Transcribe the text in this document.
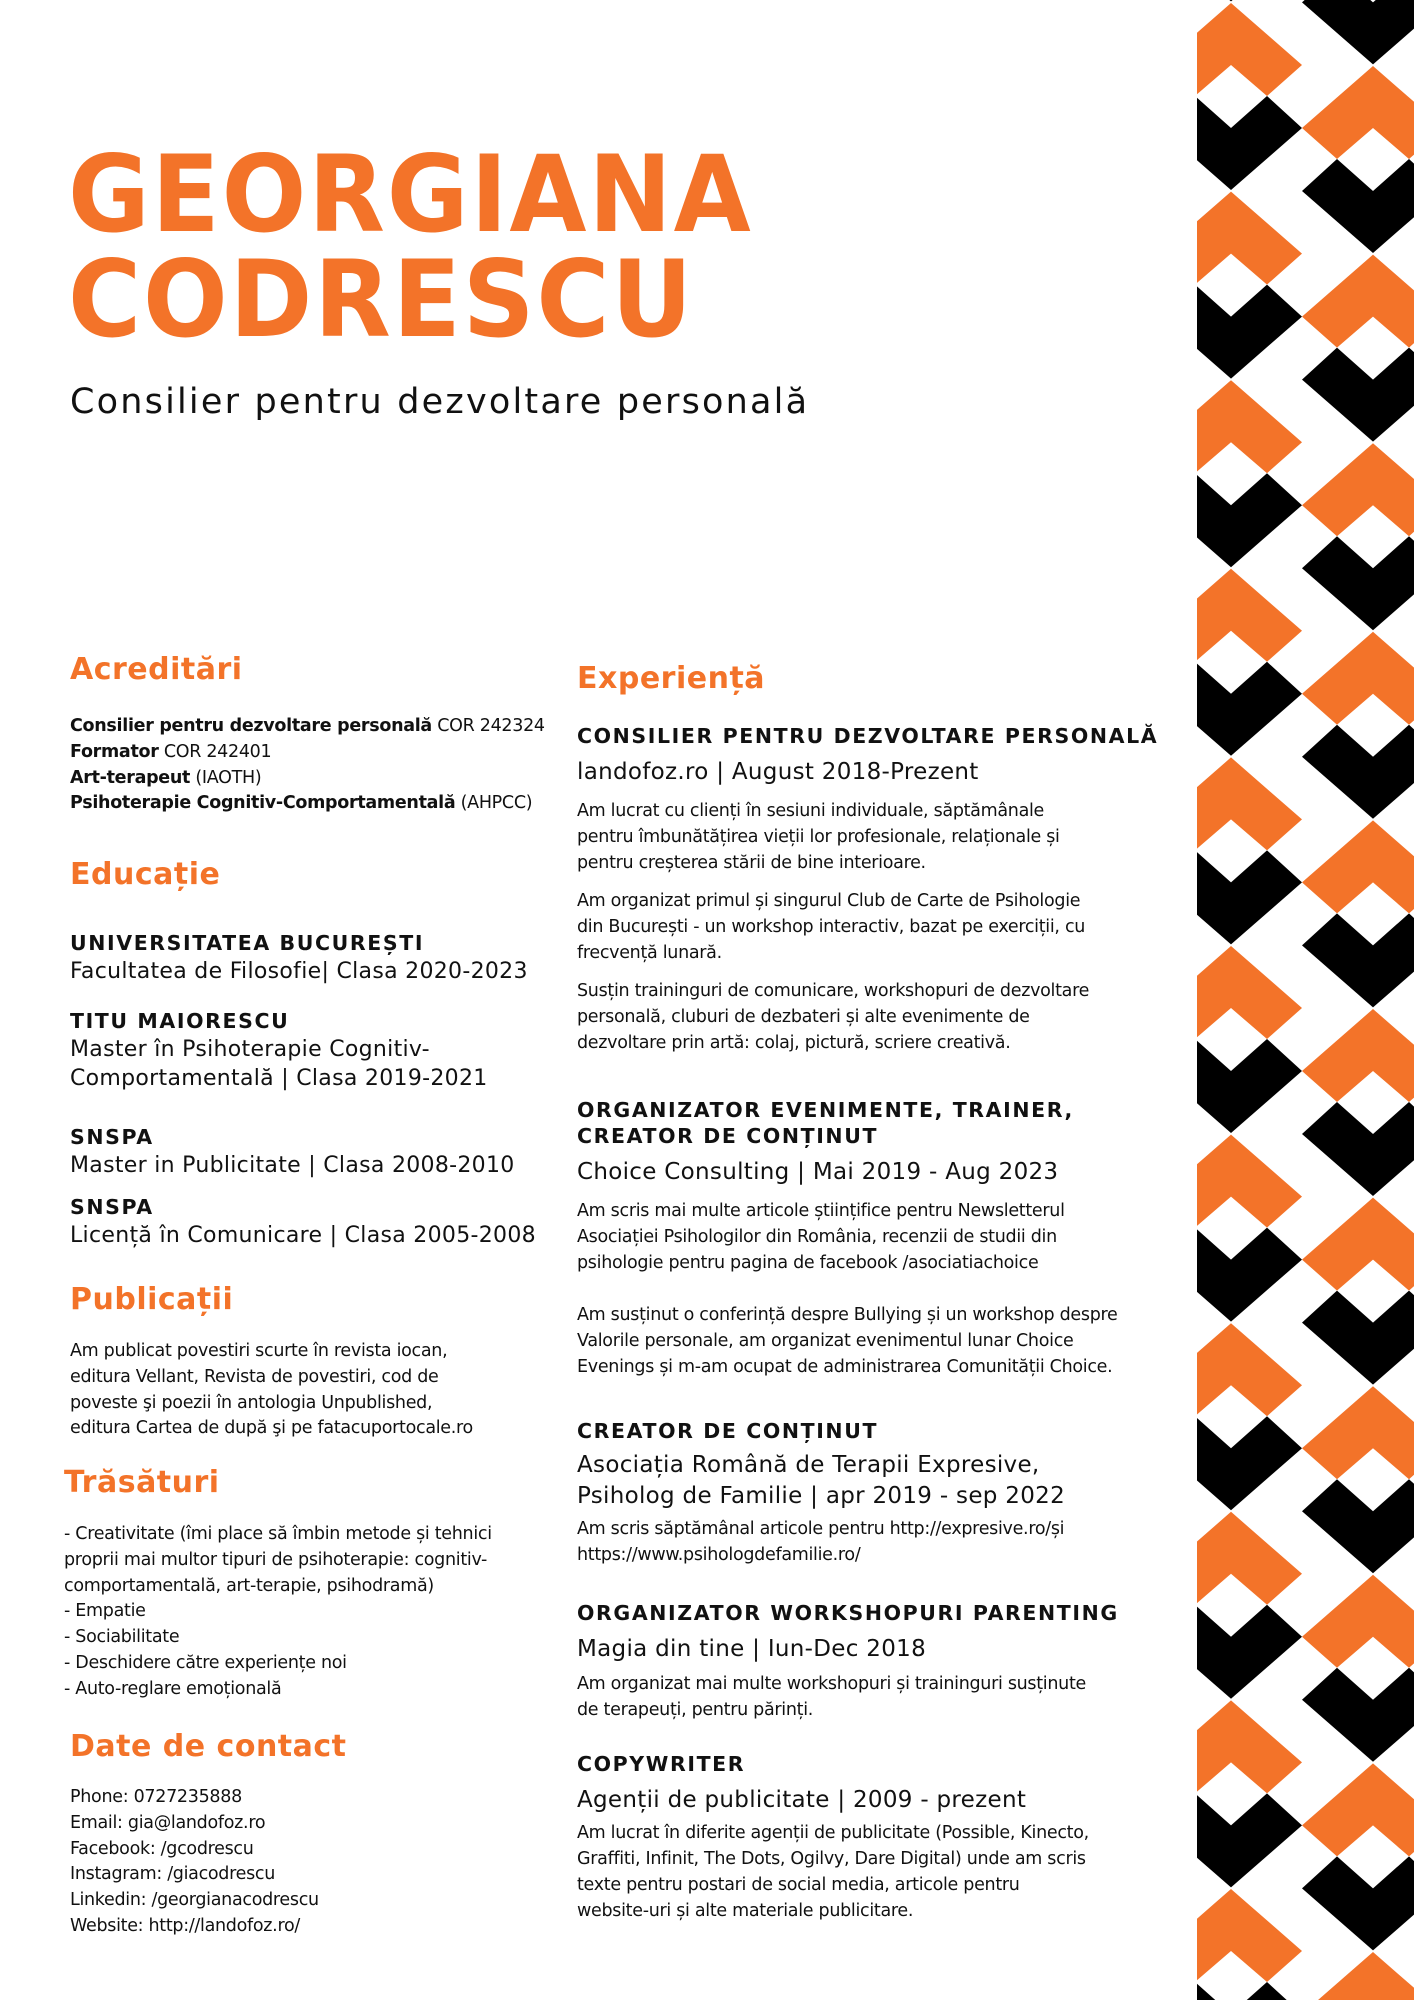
GEORGIANA
CODRESCU
Consilier pentru dezvoltare personală
Acreditări
Consilier pentru dezvoltare personală COR 242324
Formator COR 242401
Art-terapeut (IAOTH)
Psihoterapie Cognitiv-Comportamentală (AHPCC)
Educație
UNIVERSITATEA BUCUREȘTI
Facultatea de Filosofie| Clasa 2020-2023
TITU MAIORESCU
Master în Psihoterapie Cognitiv-
Comportamentală | Clasa 2019-2021
SNSPA
Master in Publicitate | Clasa 2008-2010
SNSPA
Licență în Comunicare | Clasa 2005-2008
Publicații
Am publicat povestiri scurte în revista iocan,
editura Vellant, Revista de povestiri, cod de
poveste şi poezii în antologia Unpublished,
editura Cartea de după şi pe fatacuportocale.ro
Trăsături
- Creativitate (îmi place să îmbin metode și tehnici
proprii mai multor tipuri de psihoterapie: cognitiv-
comportamentală, art-terapie, psihodramă)
- Empatie
- Sociabilitate
- Deschidere către experiențe noi
- Auto-reglare emoțională
Date de contact
Phone: 0727235888
Email: gia@landofoz.ro
Facebook: /gcodrescu
Instagram: /giacodrescu
Linkedin: /georgianacodrescu
Website: http://landofoz.ro/
Experiență
CONSILIER PENTRU DEZVOLTARE PERSONALĂ
landofoz.ro | August 2018-Prezent
Am lucrat cu clienți în sesiuni individuale, săptămânale
pentru îmbunătățirea vieții lor profesionale, relaționale și
pentru creșterea stării de bine interioare.
Am organizat primul și singurul Club de Carte de Psihologie
din București - un workshop interactiv, bazat pe exerciții, cu
frecvență lunară.
Susțin traininguri de comunicare, workshopuri de dezvoltare
personală, cluburi de dezbateri și alte evenimente de
dezvoltare prin artă: colaj, pictură, scriere creativă.
ORGANIZATOR EVENIMENTE, TRAINER,
CREATOR DE CONȚINUT
Choice Consulting | Mai 2019 - Aug 2023
Am scris mai multe articole științifice pentru Newsletterul
Asociației Psihologilor din România, recenzii de studii din
psihologie pentru pagina de facebook /asociatiachoice
Am susținut o conferință despre Bullying și un workshop despre
Valorile personale, am organizat evenimentul lunar Choice
Evenings și m-am ocupat de administrarea Comunității Choice.
CREATOR DE CONȚINUT
Asociația Română de Terapii Expresive,
Psiholog de Familie | apr 2019 - sep 2022
Am scris săptămânal articole pentru http://expresive.ro/și
https://www.psihologdefamilie.ro/
ORGANIZATOR WORKSHOPURI PARENTING
Magia din tine | Iun-Dec 2018
Am organizat mai multe workshopuri și traininguri susținute
de terapeuți, pentru părinți.
COPYWRITER
Agenții de publicitate | 2009 - prezent
Am lucrat în diferite agenții de publicitate (Possible, Kinecto,
Graffiti, Infinit, The Dots, Ogilvy, Dare Digital) unde am scris
texte pentru postari de social media, articole pentru
website-uri și alte materiale publicitare.
